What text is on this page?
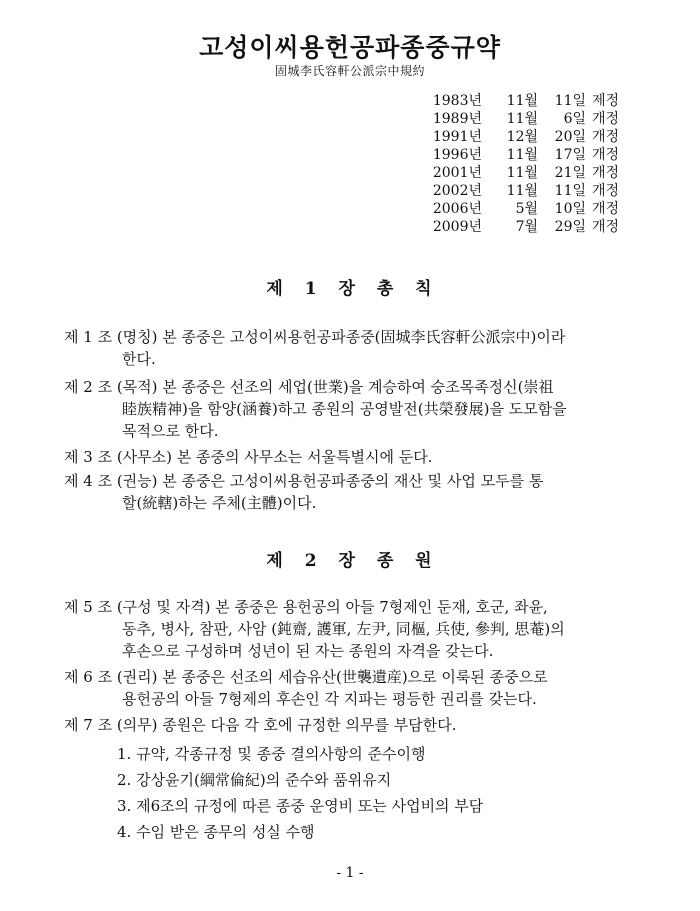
고성이씨용헌공파종중규약
固城李氏容軒公派宗中規約
1983년	11월	11일 제정
1989년	11월	6일 개정
1991년	12월	20일 개정
1996년	11월	17일 개정
2001년	11월	21일 개정
2002년	11월	11일 개정
2006년	5월	10일 개정
2009년	7월	29일 개정
제 1 장 총 칙
제 1 조 (명칭) 본 종중은 고성이씨용헌공파종중(固城李氏容軒公派宗中)이라
한다.
제 2 조 (목적) 본 종중은 선조의 세업(世業)을 계승하여 숭조목족정신(崇祖
睦族精神)을 함양(涵養)하고 종원의 공영발전(共榮發展)을 도모함을
목적으로 한다.
제 3 조 (사무소) 본 종중의 사무소는 서울특별시에 둔다.
제 4 조 (권능) 본 종중은 고성이씨용헌공파종중의 재산 및 사업 모두를 통
할(統轄)하는 주체(主體)이다.
제 2 장 종 원
제 5 조 (구성 및 자격) 본 종중은 용헌공의 아들 7형제인 둔재, 호군, 좌윤,
동추, 병사, 참판, 사암 (鈍齋, 護軍, 左尹, 同樞, 兵使, 參判, 思菴)의
후손으로 구성하며 성년이 된 자는 종원의 자격을 갖는다.
제 6 조 (권리) 본 종중은 선조의 세습유산(世襲遺産)으로 이룩된 종중으로
용헌공의 아들 7형제의 후손인 각 지파는 평등한 권리를 갖는다.
제 7 조 (의무) 종원은 다음 각 호에 규정한 의무를 부담한다.
1. 규약, 각종규정 및 종중 결의사항의 준수이행
2. 강상윤기(綱常倫紀)의 준수와 품위유지
3. 제6조의 규정에 따른 종중 운영비 또는 사업비의 부담
4. 수임 받은 종무의 성실 수행
- 1 -
